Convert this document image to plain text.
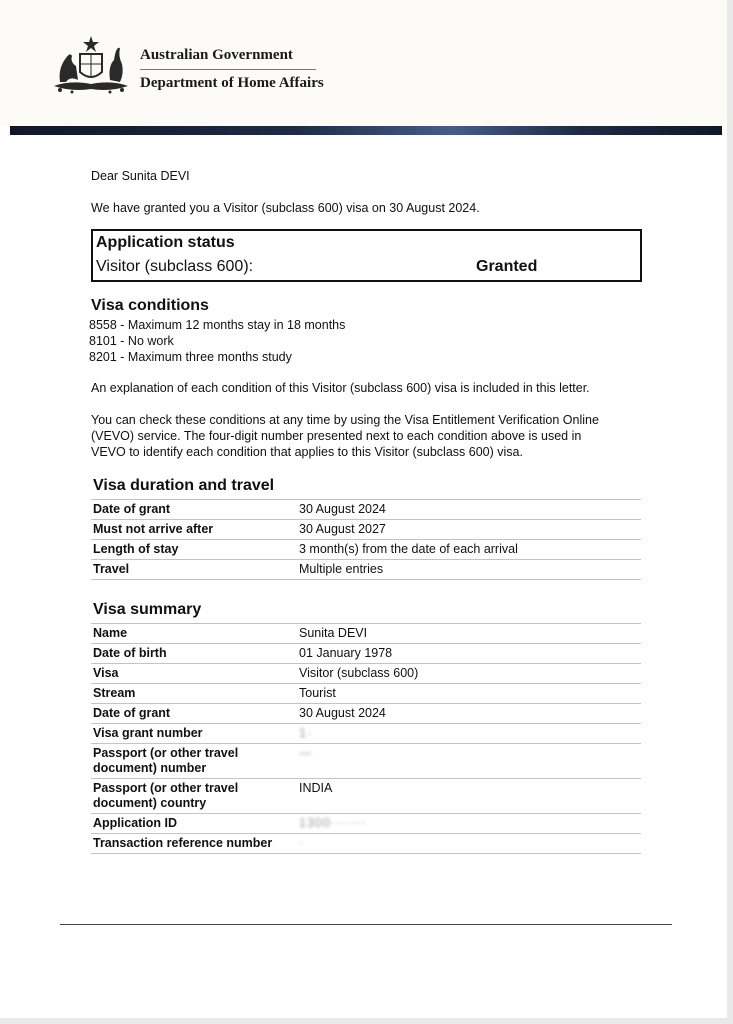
Australian Government
Department of Home Affairs
Dear Sunita DEVI
We have granted you a Visitor (subclass 600) visa on 30 August 2024.
Application status
Visitor (subclass 600):	Granted
Visa conditions
8558 - Maximum 12 months stay in 18 months
8101 - No work
8201 - Maximum three months study
An explanation of each condition of this Visitor (subclass 600) visa is included in this letter.
You can check these conditions at any time by using the Visa Entitlement Verification Online
(VEVO) service. The four-digit number presented next to each condition above is used in
VEVO to identify each condition that applies to this Visitor (subclass 600) visa.
Visa duration and travel
Date of grant	30 August 2024
Must not arrive after	30 August 2027
Length of stay	3 month(s) from the date of each arrival
Travel	Multiple entries
Visa summary
Name	Sunita DEVI
Date of birth	01 January 1978
Visa	Visitor (subclass 600)
Stream	Tourist
Date of grant	30 August 2024
Visa grant number	1·
Passport (or other travel document) number	—
Passport (or other travel document) country	INDIA
Application ID	1300·······
Transaction reference number	·
